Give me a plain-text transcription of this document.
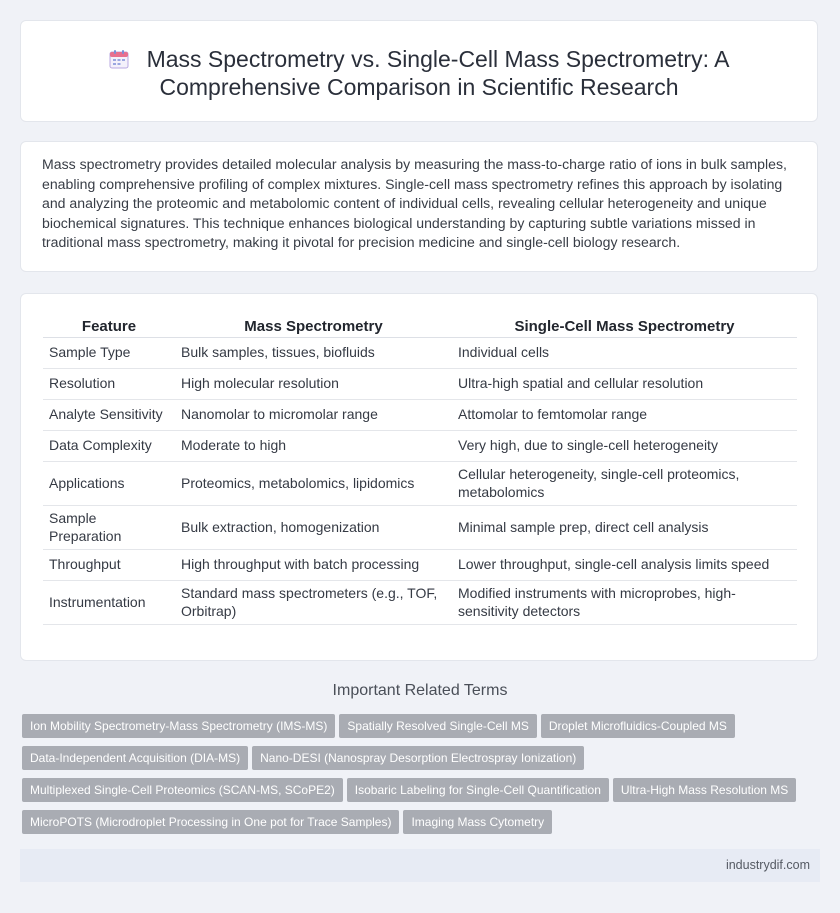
Mass Spectrometry vs. Single-Cell Mass Spectrometry: A
Comprehensive Comparison in Scientific Research

Mass spectrometry provides detailed molecular analysis by measuring the mass-to-charge ratio of ions in bulk samples, enabling comprehensive profiling of complex mixtures. Single-cell mass spectrometry refines this approach by isolating and analyzing the proteomic and metabolomic content of individual cells, revealing cellular heterogeneity and unique biochemical signatures. This technique enhances biological understanding by capturing subtle variations missed in traditional mass spectrometry, making it pivotal for precision medicine and single-cell biology research.

Feature	Mass Spectrometry	Single-Cell Mass Spectrometry
Sample Type	Bulk samples, tissues, biofluids	Individual cells
Resolution	High molecular resolution	Ultra-high spatial and cellular resolution
Analyte Sensitivity	Nanomolar to micromolar range	Attomolar to femtomolar range
Data Complexity	Moderate to high	Very high, due to single-cell heterogeneity
Applications	Proteomics, metabolomics, lipidomics	Cellular heterogeneity, single-cell proteomics, metabolomics
Sample Preparation	Bulk extraction, homogenization	Minimal sample prep, direct cell analysis
Throughput	High throughput with batch processing	Lower throughput, single-cell analysis limits speed
Instrumentation	Standard mass spectrometers (e.g., TOF, Orbitrap)	Modified instruments with microprobes, high-sensitivity detectors
Important Related Terms
Ion Mobility Spectrometry-Mass Spectrometry (IMS-MS) Spatially Resolved Single-Cell MS Droplet Microfluidics-Coupled MS
Data-Independent Acquisition (DIA-MS) Nano-DESI (Nanospray Desorption Electrospray Ionization)
Multiplexed Single-Cell Proteomics (SCAN-MS, SCoPE2) Isobaric Labeling for Single-Cell Quantification Ultra-High Mass Resolution MS
MicroPOTS (Microdroplet Processing in One pot for Trace Samples) Imaging Mass Cytometry
industrydif.com
